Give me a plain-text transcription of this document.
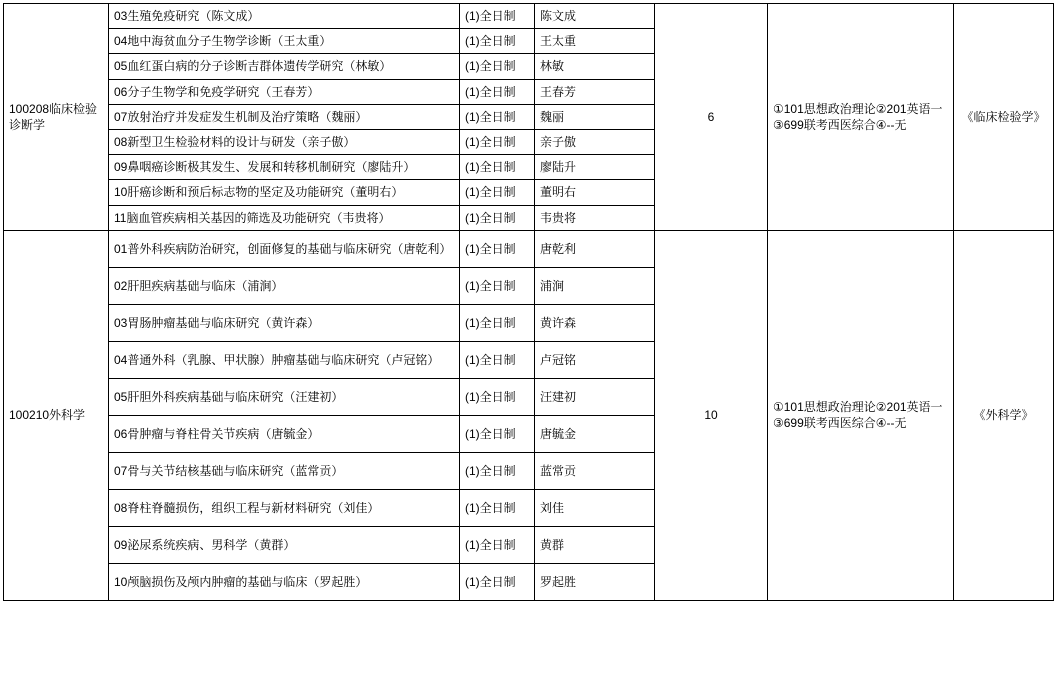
100208临床检验诊断学	03生殖免疫研究（陈文成）	(1)全日制	陈文成	6	①101思想政治理论②201英语一③699联考西医综合④--无	《临床检验学》
	04地中海贫血分子生物学诊断（王太重）	(1)全日制	王太重			
	05血红蛋白病的分子诊断吉群体遗传学研究（林敏）	(1)全日制	林敏			
	06分子生物学和免疫学研究（王春芳）	(1)全日制	王春芳			
	07放射治疗并发症发生机制及治疗策略（魏丽）	(1)全日制	魏丽			
	08新型卫生检验材料的设计与研发（亲子傲）	(1)全日制	亲子傲			
	09鼻咽癌诊断极其发生、发展和转移机制研究（廖陆升）	(1)全日制	廖陆升			
	10肝癌诊断和预后标志物的坚定及功能研究（董明右）	(1)全日制	董明右			
	11脑血管疾病相关基因的筛选及功能研究（韦贵将）	(1)全日制	韦贵将			
100210外科学	01普外科疾病防治研究，创面修复的基础与临床研究（唐乾利）	(1)全日制	唐乾利	10	①101思想政治理论②201英语一③699联考西医综合④--无	《外科学》
	02肝胆疾病基础与临床（浦涧）	(1)全日制	浦涧			
	03胃肠肿瘤基础与临床研究（黄许森）	(1)全日制	黄许森			
	04普通外科（乳腺、甲状腺）肿瘤基础与临床研究（卢冠铭）	(1)全日制	卢冠铭			
	05肝胆外科疾病基础与临床研究（汪建初）	(1)全日制	汪建初			
	06骨肿瘤与脊柱骨关节疾病（唐毓金）	(1)全日制	唐毓金			
	07骨与关节结核基础与临床研究（蓝常贡）	(1)全日制	蓝常贡			
	08脊柱脊髓损伤，组织工程与新材料研究（刘佳）	(1)全日制	刘佳			
	09泌尿系统疾病、男科学（黄群）	(1)全日制	黄群			
	10颅脑损伤及颅内肿瘤的基础与临床（罗起胜）	(1)全日制	罗起胜			
